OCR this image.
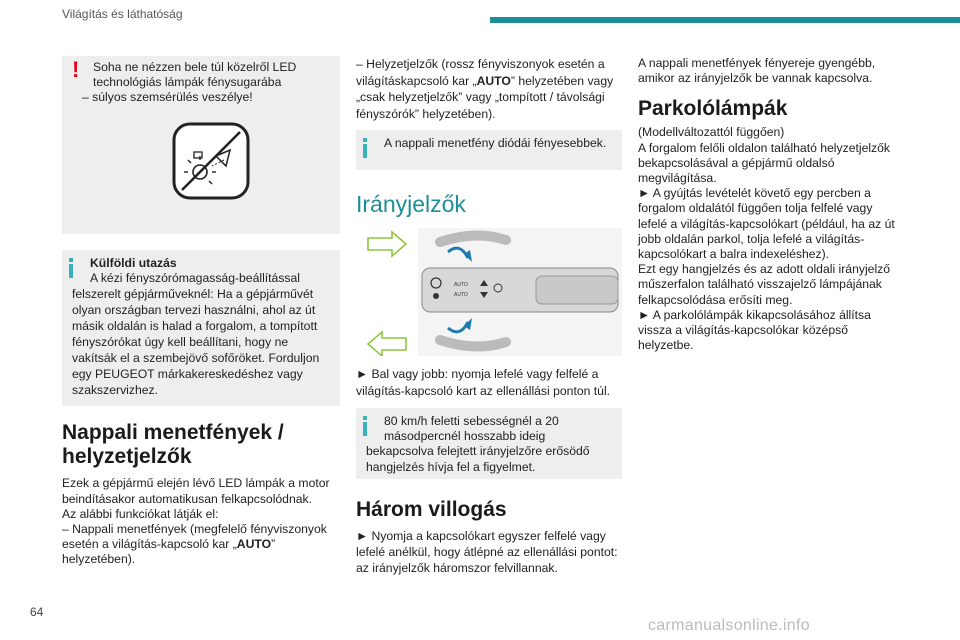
Világítás és láthatóság
!	Soha ne nézzen bele túl közelről LED technológiás lámpák fénysugarába

– súlyos szemsérülés veszélye!

Külföldi utazás

A kézi fényszórómagasság-beállítással

felszerelt gépjárműveknél: Ha a gépjárművét olyan országban tervezi használni, ahol az út másik oldalán is halad a forgalom, a tompított fényszórókat úgy kell beállítani, hogy ne vakítsák el a szembejövő sofőröket. Forduljon egy PEUGEOT márkakereskedéshez vagy szakszervizhez.

Nappali menetfények / helyzetjelzők

Ezek a gépjármű elején lévő LED lámpák a motor beindításakor automatikusan felkapcsolódnak.

Az alábbi funkciókat látják el:

– Nappali menetfények (megfelelő fényviszonyok esetén a világítás-kapcsoló kar „AUTO” helyzetében).

– Helyzetjelzők (rossz fényviszonyok esetén a világításkapcsoló kar „AUTO” helyzetében vagy „csak helyzetjelzők” vagy „tompított / távolsági fényszórók” helyzetében).

A nappali menetfény diódái fényesebbek.

Irányjelzők
AUTO
AUTO

► Bal vagy jobb: nyomja lefelé vagy felfelé a világítás-kapcsoló kart az ellenállási ponton túl.

80 km/h feletti sebességnél a 20 másodpercnél hosszabb ideig

bekapcsolva felejtett irányjelzőre erősödő hangjelzés hívja fel a figyelmet.

Három villogás

► Nyomja a kapcsolókart egyszer felfelé vagy lefelé anélkül, hogy átlépné az ellenállási pontot: az irányjelzők háromszor felvillannak.

A nappali menetfények fényereje gyengébb, amikor az irányjelzők be vannak kapcsolva.

Parkolólámpák

(Modellváltozattól függően)

A forgalom felőli oldalon található helyzetjelzők bekapcsolásával a gépjármű oldalsó megvilágítása.

► A gyújtás levételét követő egy percben a forgalom oldalától függően tolja felfelé vagy lefelé a világítás-kapcsolókart (például, ha az út jobb oldalán parkol, tolja lefelé a világítás-kapcsolókart a balra indexeléshez).

Ezt egy hangjelzés és az adott oldali irányjelző műszerfalon található visszajelző lámpájának felkapcsolódása erősíti meg.

► A parkolólámpák kikapcsolásához állítsa vissza a világítás-kapcsolókar középső helyzetbe.

64
carmanualsonline.info
